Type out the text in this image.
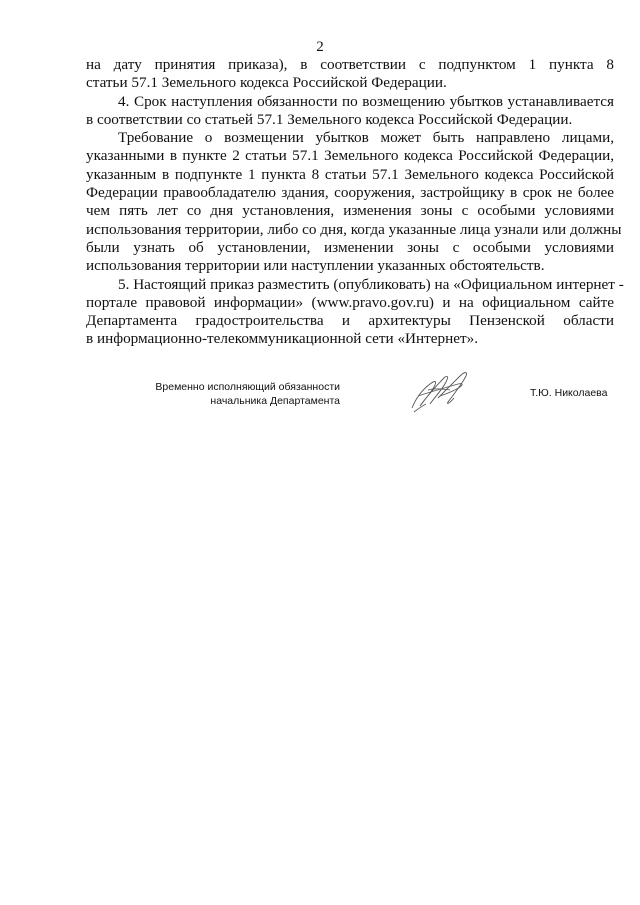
2
на дату принятия приказа), в соответствии с подпунктом 1 пункта 8
статьи 57.1 Земельного кодекса Российской Федерации.
4. Срок наступления обязанности по возмещению убытков устанавливается
в соответствии со статьей 57.1 Земельного кодекса Российской Федерации.
Требование о возмещении убытков может быть направлено лицами,
указанными в пункте 2 статьи 57.1 Земельного кодекса Российской Федерации,
указанным в подпункте 1 пункта 8 статьи 57.1 Земельного кодекса Российской
Федерации правообладателю здания, сооружения, застройщику в срок не более
чем пять лет со дня установления, изменения зоны с особыми условиями
использования территории, либо со дня, когда указанные лица узнали или должны
были узнать об установлении, изменении зоны с особыми условиями
использования территории или наступлении указанных обстоятельств.
5. Настоящий приказ разместить (опубликовать) на «Официальном интернет -
портале правовой информации» (www.pravo.gov.ru) и на официальном сайте
Департамента градостроительства и архитектуры Пензенской области
в информационно-телекоммуникационной сети «Интернет».
Временно исполняющий обязанности
начальника Департамента
Т.Ю. Николаева
